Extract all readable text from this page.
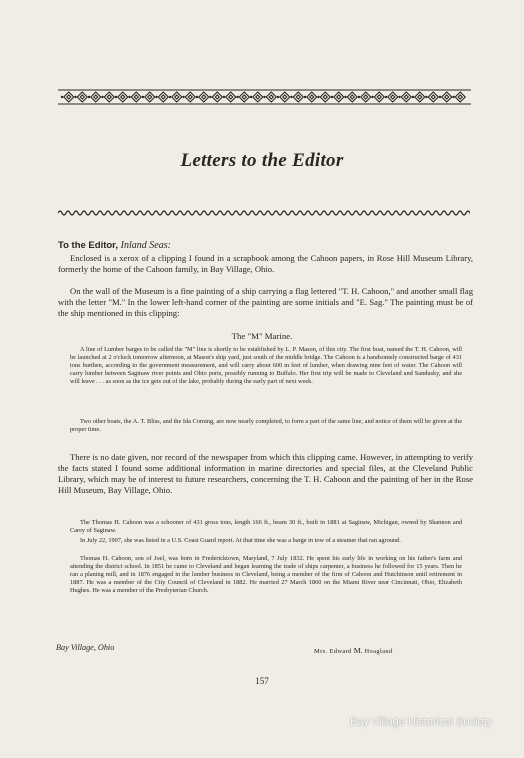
Letters to the Editor
To the Editor, Inland Seas:

Enclosed is a xerox of a clipping I found in a scrapbook among the Cahoon papers, in Rose Hill Museum Library, formerly the home of the Cahoon family, in Bay Village, Ohio.

On the wall of the Museum is a fine painting of a ship carrying a flag lettered "T. H. Cahoon," and another small flag with the letter "M." In the lower left-hand corner of the painting are some initials and "E. Sag." The painting must be of the ship mentioned in this clipping:

The "M" Marine.

A line of Lumber barges to be called the "M" line is shortly to be established by L. P. Mason, of this city. The first boat, named the T. H. Cahoon, will be launched at 2 o'clock tomorrow afternoon, at Mason's ship yard, just south of the middle bridge. The Cahoon is a handsomely constructed barge of 431 tons burthen, according to the government measurement, and will carry about 600 m feet of lumber, when drawing nine feet of water. The Cahoon will carry lumber between Saginaw river points and Ohio ports, possibly running to Buffalo. Her first trip will be made to Cleveland and Sandusky, and she will leave . . . as soon as the ice gets out of the lake, probably during the early part of next week.

Two other boats, the A. T. Bliss, and the Ida Corning, are now nearly completed, to form a part of the same line, and notice of them will be given at the proper time.

There is no date given, nor record of the newspaper from which this clipping came. However, in attempting to verify the facts stated I found some additional information in marine directories and special files, at the Cleveland Public Library, which may be of interest to future researchers, concerning the T. H. Cahoon and the painting of her in the Rose Hill Museum, Bay Village, Ohio.

The Thomas H. Cahoon was a schooner of 431 gross tons, length 166 ft., beam 30 ft., built in 1881 at Saginaw, Michigan, owned by Shannon and Carey of Saginaw.

In July 22, 1907, she was listed in a U.S. Coast Guard report. At that time she was a barge in tow of a steamer that ran aground.

Thomas H. Cahoon, son of Joel, was born in Fredericktown, Maryland, 7 July 1832. He spent his early life in working on his father's farm and attending the district school. In 1851 he came to Cleveland and began learning the trade of ships carpenter, a business he followed for 15 years. Then he ran a planing mill, and in 1876 engaged in the lumber business in Cleveland, being a member of the firm of Cahoon and Hutchinson until retirement in 1887. He was a member of the City Council of Cleveland in 1882. He married 27 March 1860 on the Miami River near Cincinnati, Ohio, Elizabeth Hughes. He was a member of the Presbyterian Church.

Bay Village, Ohio	Mrs. Edward M. Hoagland
157
Bay Village Historical Society
